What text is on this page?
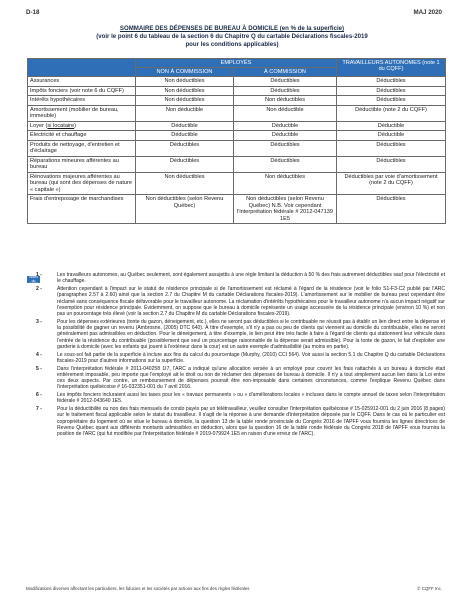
D-18	MAJ 2020
SOMMAIRE DES DÉPENSES DE BUREAU À DOMICILE (en % de la superficie)
(voir le point 6 du tableau de la section 6 du Chapitre Q du cartable Déclarations fiscales-2019
pour les conditions applicables)
	EMPLOYÉS		TRAVAILLEURS AUTONOMES (note 1 du CQFF)
	NON À COMMISSION	À COMMISSION	
Assurances	Non déductibles	Déductibles	Déductibles
Impôts fonciers (voir note 6 du CQFF)	Non déductibles	Déductibles	Déductibles
Intérêts hypothécaires	Non déductibles	Non déductibles	Déductibles
Amortissement (mobilier de bureau, immeuble)	Non déductible	Non déductible	Déductible (note 2 du CQFF)
Loyer (si locataire)	Déductible	Déductible	Déductible
Électricité et chauffage	Déductible	Déductible	Déductible
Produits de nettoyage, d'entretien et d'éclairage	Déductibles	Déductibles	Déductibles
Réparations mineures afférentes au bureau	Déductibles	Déductibles	Déductibles
Rénovations majeures afférentes au bureau (qui sont des dépenses de nature « capitale »)	Non déductibles	Non déductibles	Déductibles par voie d'amortissement (note 2 du CQFF)
Frais d'entreposage de marchandises	Non déductibles (selon Revenu Québec)	Non déductibles (selon Revenu Québec) N.B. Voir cependant l'interprétation fédérale # 2012-047139 1E5	Déductibles
Notes du CQFF
1 -	Les travailleurs autonomes, au Québec seulement, sont également assujettis à une règle limitant la déduction à 50 % des frais autrement déductibles sauf pour l'électricité et le chauffage.
2 -	Attention cependant à l'impact sur le statut de résidence principale si de l'amortissement est réclamé à l'égard de la résidence (voir le folio S1-F3-C2 publié par l'ARC (paragraphes 2.57 à 2.60) ainsi que la section 2.7 du Chapitre M du cartable Déclarations fiscales-2019). L'amortissement sur le mobilier de bureau peut cependant être réclamé sans conséquence fiscale défavorable pour le travailleur autonome. La réclamation d'intérêts hypothécaires pour le travailleur autonome n'a aucun impact négatif sur l'exemption pour résidence principale. Évidemment, on suppose que le bureau à domicile représente un usage accessoire de la résidence principale (environ 10 %) et non pas un pourcentage très élevé (voir la section 2.7 du Chapitre M du cartable Déclarations fiscales-2019).
3 -	Pour les dépenses extérieures (tonte du gazon, déneigement, etc.), elles ne seront pas déductibles si le contribuable ne réussit pas à établir un lien direct entre la dépense et la possibilité de gagner un revenu (Ambrosne, (2005) DTC 640). À titre d'exemple, s'il n'y a pas ou peu de clients qui viennent au domicile du contribuable, elles ne seront généralement pas admissibles en déduction. Pour le déneigement, à titre d'exemple, le lien peut être très facile à faire à l'égard de clients qui stationnent leur véhicule dans l'entrée de la résidence du contribuable (possiblement que seul un pourcentage raisonnable de la dépense serait admissible). Pour la tonte de gazon, le fait d'exploiter une garderie à domicile (avec les enfants qui jouent à l'extérieur dans la cour) est un autre exemple d'admissibilité (au moins en partie).
4 -	Le sous-sol fait partie de la superficie à inclure aux fins du calcul du pourcentage (Murphy, (2010) CCI 564). Voir aussi la section 5.1 du Chapitre Q du cartable Déclarations fiscales-2019 pour d'autres informations sur la superficie.
5 -	Dans l'interprétation fédérale # 2011-040258 1I7, l'ARC a indiqué qu'une allocation versée à un employé pour couvrir les frais rattachés à un bureau à domicile était entièrement imposable, peu importe que l'employé ait le droit ou non de réclamer des dépenses de bureau à domicile. Il n'y a tout simplement aucun lien dans la Loi entre ces deux aspects. Par contre, un remboursement de dépenses pourrait être non-imposable dans certaines circonstances, comme l'explique Revenu Québec dans l'interprétation québécoise # 16-032351-001 du 7 avril 2016.
6 -	Les impôts fonciers incluraient aussi les taxes pour les « travaux permanents » ou « d'améliorations locales » incluses dans le compte annuel de taxes selon l'interprétation fédérale # 2012-043640 1E5.
7 -	Pour la déductibilité ou non des frais mensuels de condo payés par un télétravailleur, veuillez consulter l'interprétation québécoise # 15-025912-001 du 2 juin 2016 (8 pages) sur le traitement fiscal applicable selon le statut du travailleur. Il s'agit de la réponse à une demande d'interprétation déposée par le CQFF. Dans le cas où le particulier est copropriétaire du logement où se situe le bureau à domicile, la question 13 de la table ronde provinciale du Congrès 2016 de l'APFF vous fournira les lignes directrices de Revenu Québec quant aux différents montants admissibles en déduction, alors que la question 16 de la table ronde fédérale du Congrès 2018 de l'APFF vous fournira la position de l'ARC (qui fut modifiée par l'interprétation fédérale # 2019-079924 1E5 en raison d'une erreur de l'ARC).
Modifications diverses affectant les particuliers, les fiducies et les sociétés par actions aux fins des règles fédérales	© CQFF Inc.
